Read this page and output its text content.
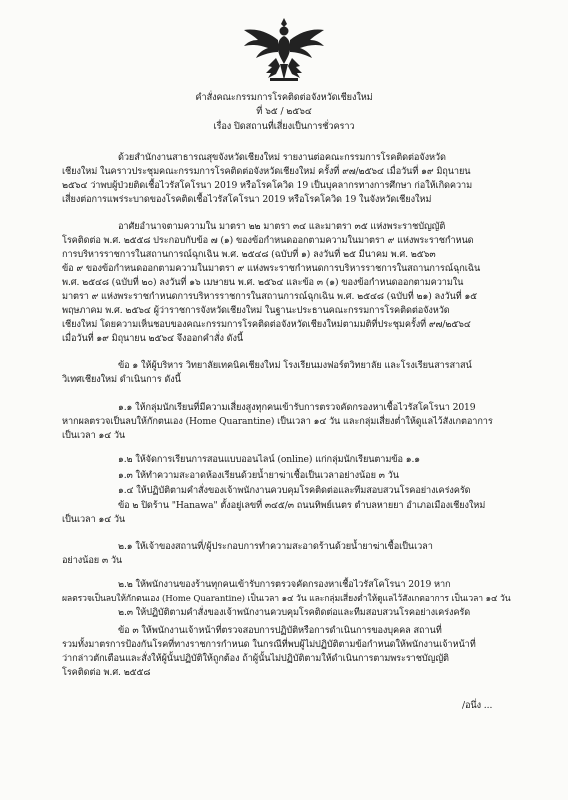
คำสั่งคณะกรรมการโรคติดต่อจังหวัดเชียงใหม่
ที่ ๖๕ / ๒๕๖๔
เรื่อง ปิดสถานที่เสี่ยงเป็นการชั่วคราว
ด้วยสำนักงานสาธารณสุขจังหวัดเชียงใหม่ รายงานต่อคณะกรรมการโรคติดต่อจังหวัด
เชียงใหม่ ในคราวประชุมคณะกรรมการโรคติดต่อจังหวัดเชียงใหม่ ครั้งที่ ๙๗/๒๕๖๔ เมื่อวันที่ ๑๙ มิถุนายน
๒๕๖๔ ว่าพบผู้ป่วยติดเชื้อไวรัสโคโรนา 2019 หรือโรคโควิด 19 เป็นบุคลากรทางการศึกษา ก่อให้เกิดความ
เสี่ยงต่อการแพร่ระบาดของโรคติดเชื้อไวรัสโคโรนา 2019 หรือโรคโควิด 19 ในจังหวัดเชียงใหม่
อาศัยอำนาจตามความใน มาตรา ๒๒ มาตรา ๓๔ และมาตรา ๓๕ แห่งพระราชบัญญัติ
โรคติดต่อ พ.ศ. ๒๕๕๘ ประกอบกับข้อ ๗ (๑) ของข้อกำหนดออกตามความในมาตรา ๙ แห่งพระราชกำหนด
การบริหารราชการในสถานการณ์ฉุกเฉิน พ.ศ. ๒๕๔๘ (ฉบับที่ ๑) ลงวันที่ ๒๕ มีนาคม พ.ศ. ๒๕๖๓
ข้อ ๙ ของข้อกำหนดออกตามความในมาตรา ๙ แห่งพระราชกำหนดการบริหารราชการในสถานการณ์ฉุกเฉิน
พ.ศ. ๒๕๔๘ (ฉบับที่ ๒๐) ลงวันที่ ๑๖ เมษายน พ.ศ. ๒๕๖๔ และข้อ ๓ (๑) ของข้อกำหนดออกตามความใน
มาตรา ๙ แห่งพระราชกำหนดการบริหารราชการในสถานการณ์ฉุกเฉิน พ.ศ. ๒๕๔๘ (ฉบับที่ ๒๑) ลงวันที่ ๑๕
พฤษภาคม พ.ศ. ๒๕๖๔ ผู้ว่าราชการจังหวัดเชียงใหม่ ในฐานะประธานคณะกรรมการโรคติดต่อจังหวัด
เชียงใหม่ โดยความเห็นชอบของคณะกรรมการโรคติดต่อจังหวัดเชียงใหม่ตามมติที่ประชุมครั้งที่ ๙๗/๒๕๖๔
เมื่อวันที่ ๑๙ มิถุนายน ๒๕๖๔ จึงออกคำสั่ง ดังนี้
ข้อ ๑ ให้ผู้บริหาร วิทยาลัยเทคนิคเชียงใหม่ โรงเรียนมงฟอร์ตวิทยาลัย และโรงเรียนสารสาสน์
วิเทศเชียงใหม่ ดำเนินการ ดังนี้
๑.๑ ให้กลุ่มนักเรียนที่มีความเสี่ยงสูงทุกคนเข้ารับการตรวจคัดกรองหาเชื้อไวรัสโคโรนา 2019
หากผลตรวจเป็นลบให้กักตนเอง (Home Quarantine) เป็นเวลา ๑๔ วัน และกลุ่มเสี่ยงต่ำให้ดูแลไว้สังเกตอาการ
เป็นเวลา ๑๔ วัน
๑.๒ ให้จัดการเรียนการสอนแบบออนไลน์ (online) แก่กลุ่มนักเรียนตามข้อ ๑.๑
๑.๓ ให้ทำความสะอาดห้องเรียนด้วยน้ำยาฆ่าเชื้อเป็นเวลาอย่างน้อย ๓ วัน
๑.๔ ให้ปฏิบัติตามคำสั่งของเจ้าพนักงานควบคุมโรคติดต่อและทีมสอบสวนโรคอย่างเคร่งครัด
ข้อ ๒ ปิดร้าน "Hanawa" ตั้งอยู่เลขที่ ๓๔๕/๓ ถนนทิพย์เนตร ตำบลหายยา อำเภอเมืองเชียงใหม่
เป็นเวลา ๑๔ วัน
๒.๑ ให้เจ้าของสถานที่/ผู้ประกอบการทำความสะอาดร้านด้วยน้ำยาฆ่าเชื้อเป็นเวลา
อย่างน้อย ๓ วัน
๒.๒ ให้พนักงานของร้านทุกคนเข้ารับการตรวจคัดกรองหาเชื้อไวรัสโคโรนา 2019 หาก
ผลตรวจเป็นลบให้กักตนเอง (Home Quarantine) เป็นเวลา ๑๔ วัน และกลุ่มเสี่ยงต่ำให้ดูแลไว้สังเกตอาการ เป็นเวลา ๑๔ วัน
๒.๓ ให้ปฏิบัติตามคำสั่งของเจ้าพนักงานควบคุมโรคติดต่อและทีมสอบสวนโรคอย่างเคร่งครัด
ข้อ ๓ ให้พนักงานเจ้าหน้าที่ตรวจสอบการปฏิบัติหรือการดำเนินการของบุคคล สถานที่
รวมทั้งมาตรการป้องกันโรคที่ทางราชการกำหนด ในกรณีที่พบผู้ไม่ปฏิบัติตามข้อกำหนดให้พนักงานเจ้าหน้าที่
ว่ากล่าวตักเตือนและสั่งให้ผู้นั้นปฏิบัติให้ถูกต้อง ถ้าผู้นั้นไม่ปฏิบัติตามให้ดำเนินการตามพระราชบัญญัติ
โรคติดต่อ พ.ศ. ๒๕๕๘
/อนึ่ง ...
